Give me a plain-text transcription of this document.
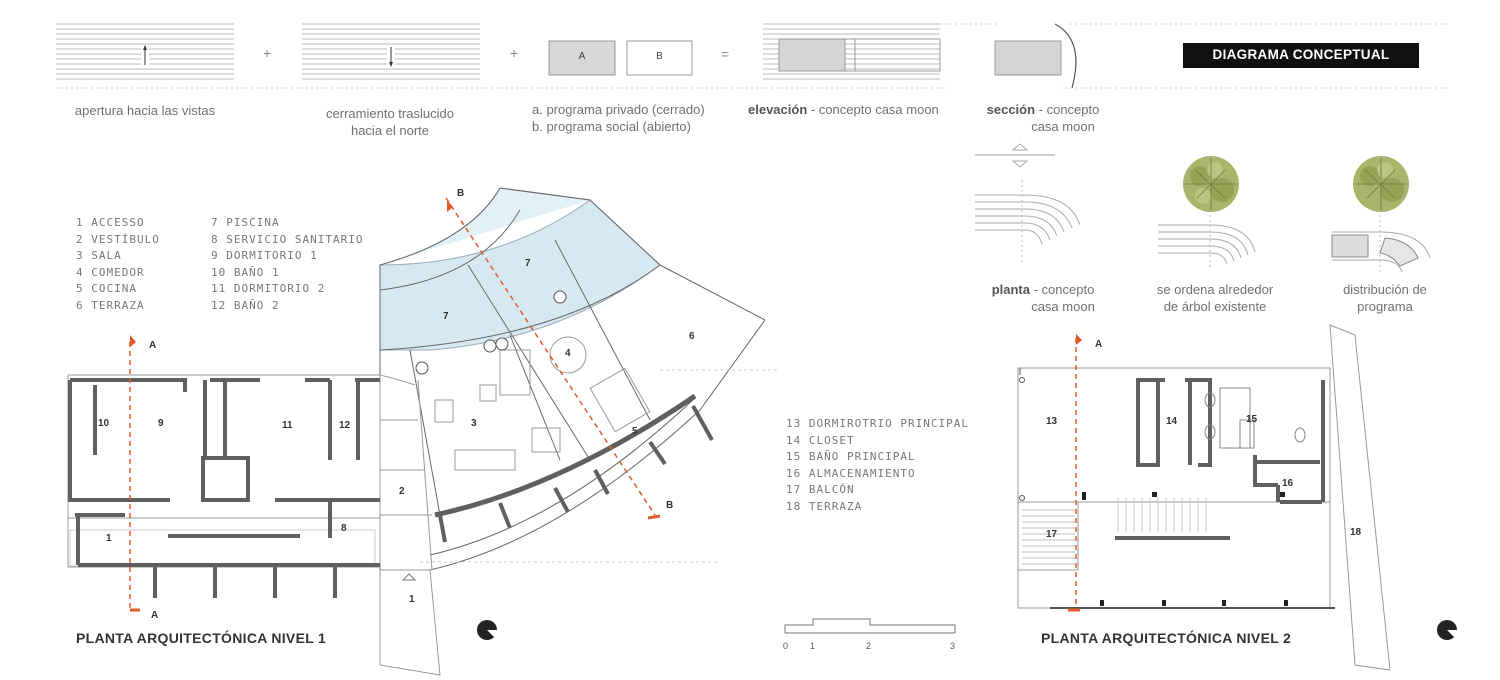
+	+	=
A	B	DIAGRAMA CONCEPTUAL
apertura hacia las vistas	cerramiento traslucido
hacia el norte
a. programa privado (cerrado)
b. programa social (abierto)
elevación - concepto casa moon	sección - concepto
casa moon
planta - concepto
casa moon
se ordena alrededor
de árbol existente
distribución de
programa
1 ACCESSO
2 VESTÍBULO
3 SALA
4 COMEDOR
5 COCINA
6 TERRAZA
7 PISCINA
8 SERVICIO SANITARIO
9 DORMITORIO 1
10 BAÑO 1
11 DORMITORIO 2
12 BAÑO 2
13 DORMIROTRIO PRINCIPAL
14 CLOSET
15 BAÑO PRINCIPAL
16 ALMACENAMIENTO
17 BALCÓN
18 TERRAZA
1
1
2
3
4
5
6
7
7
8
9
10	11	12
A
A
B
B
PLANTA ARQUITECTÓNICA NIVEL 1	0 1	2	3
13	14	15
16
17	18
A
PLANTA ARQUITECTÓNICA NIVEL 2
